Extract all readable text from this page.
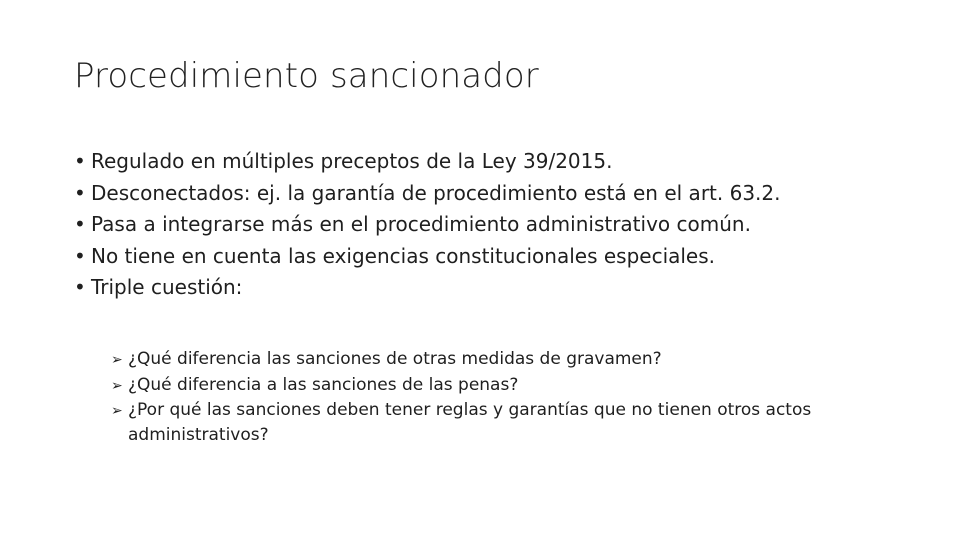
Procedimiento sancionador
• Regulado en múltiples preceptos de la Ley 39/2015.
• Desconectados: ej. la garantía de procedimiento está en el art. 63.2.
• Pasa a integrarse más en el procedimiento administrativo común.
• No tiene en cuenta las exigencias constitucionales especiales.
• Triple cuestión:
➢ ¿Qué diferencia las sanciones de otras medidas de gravamen?
➢ ¿Qué diferencia a las sanciones de las penas?
➢ ¿Por qué las sanciones deben tener reglas y garantías que no tienen otros actos administrativos?
